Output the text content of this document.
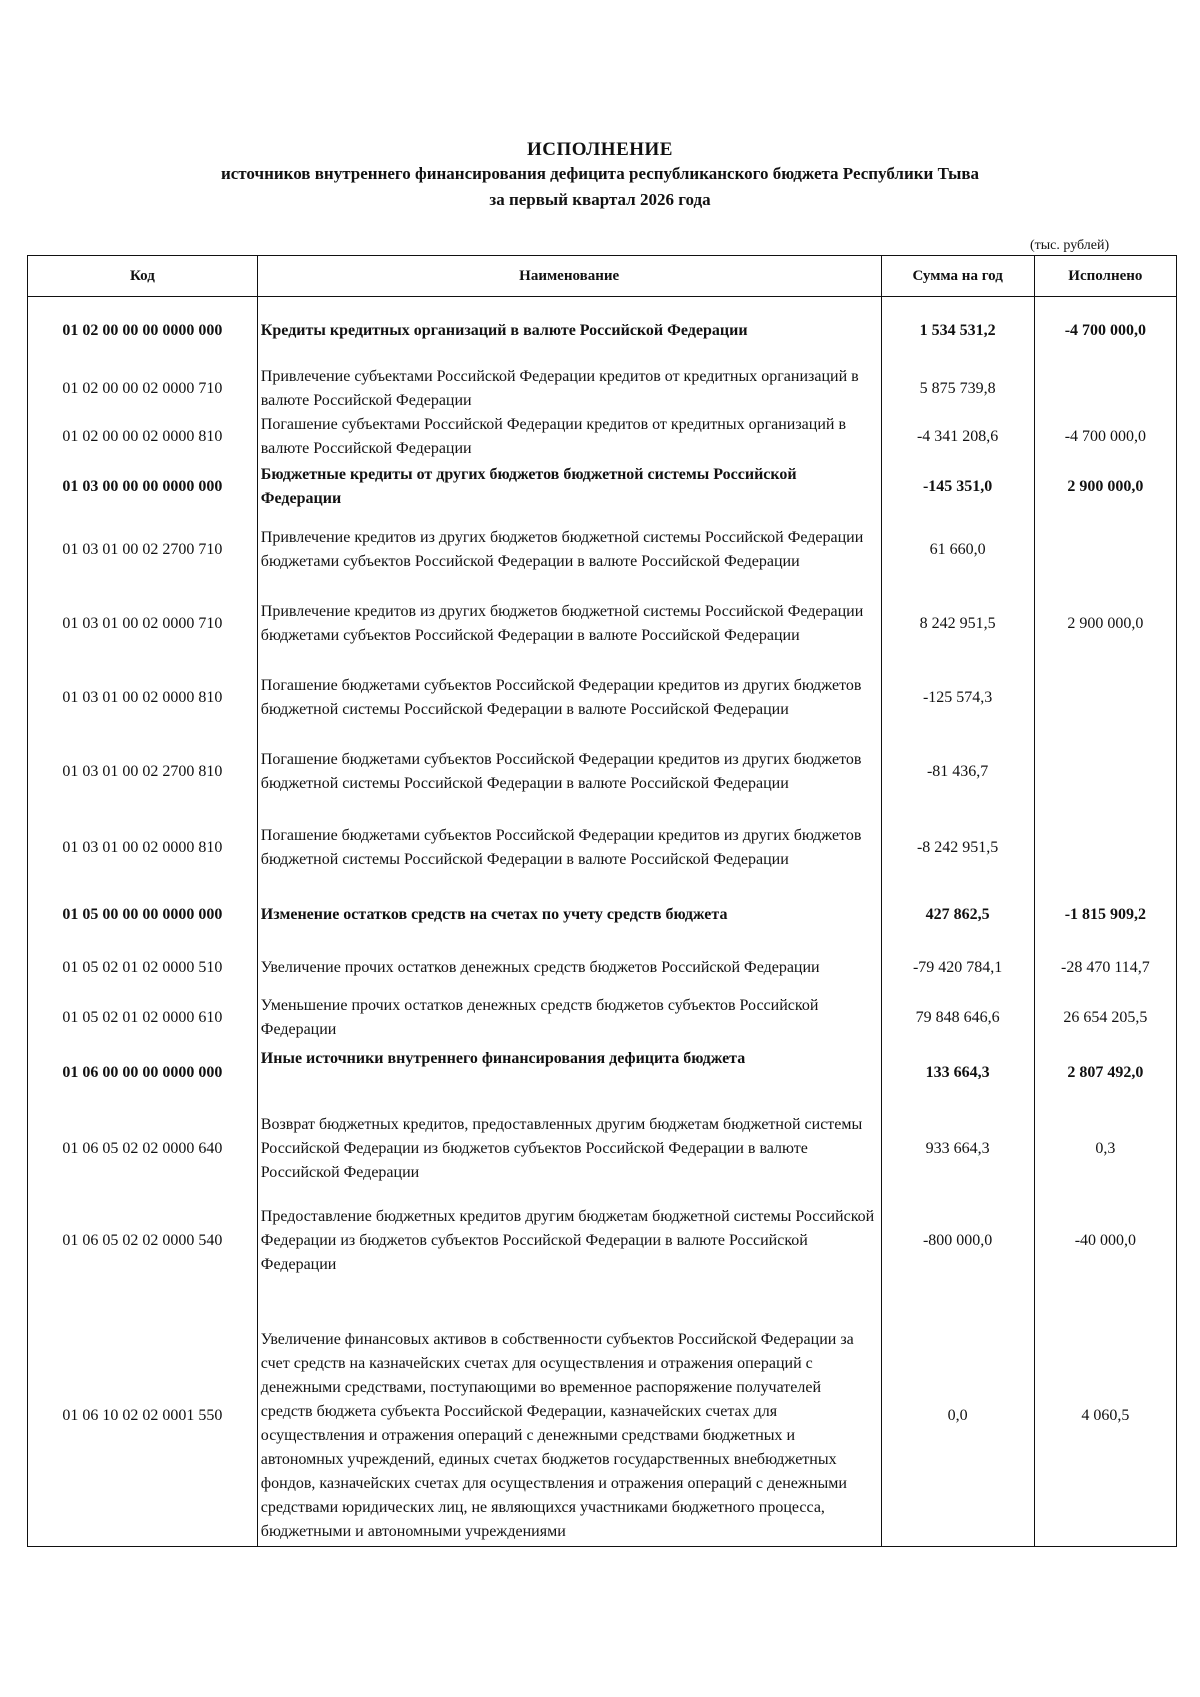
ИСПОЛНЕНИЕ
источников внутреннего финансирования дефицита республиканского бюджета Республики Тыва
за первый квартал 2026 года
(тыс. рублей)
Код	Наименование	Сумма на год	Исполнено
01 02 00 00 00 0000 000	Кредиты кредитных организаций в валюте Российской Федерации	1 534 531,2	-4 700 000,0
01 02 00 00 02 0000 710	Привлечение субъектами Российской Федерации кредитов от кредитных организаций в валюте Российской Федерации	5 875 739,8	
01 02 00 00 02 0000 810	Погашение субъектами Российской Федерации кредитов от кредитных организаций в валюте Российской Федерации	-4 341 208,6	-4 700 000,0
01 03 00 00 00 0000 000	Бюджетные кредиты от других бюджетов бюджетной системы Российской Федерации	-145 351,0	2 900 000,0
01 03 01 00 02 2700 710	Привлечение кредитов из других бюджетов бюджетной системы Российской Федерации бюджетами субъектов Российской Федерации в валюте Российской Федерации	61 660,0	
01 03 01 00 02 0000 710	Привлечение кредитов из других бюджетов бюджетной системы Российской Федерации бюджетами субъектов Российской Федерации в валюте Российской Федерации	8 242 951,5	2 900 000,0
01 03 01 00 02 0000 810	Погашение бюджетами субъектов Российской Федерации кредитов из других бюджетов бюджетной системы Российской Федерации в валюте Российской Федерации	-125 574,3	
01 03 01 00 02 2700 810	Погашение бюджетами субъектов Российской Федерации кредитов из других бюджетов бюджетной системы Российской Федерации в валюте Российской Федерации	-81 436,7	
01 03 01 00 02 0000 810	Погашение бюджетами субъектов Российской Федерации кредитов из других бюджетов бюджетной системы Российской Федерации в валюте Российской Федерации	-8 242 951,5	
01 05 00 00 00 0000 000	Изменение остатков средств на счетах по учету средств бюджета	427 862,5	-1 815 909,2
01 05 02 01 02 0000 510	Увеличение прочих остатков денежных средств бюджетов Российской Федерации	-79 420 784,1	-28 470 114,7
01 05 02 01 02 0000 610	Уменьшение прочих остатков денежных средств бюджетов субъектов Российской Федерации	79 848 646,6	26 654 205,5
01 06 00 00 00 0000 000	Иные источники внутреннего финансирования дефицита бюджета	133 664,3	2 807 492,0
01 06 05 02 02 0000 640	Возврат бюджетных кредитов, предоставленных другим бюджетам бюджетной системы Российской Федерации из бюджетов субъектов Российской Федерации в валюте Российской Федерации	933 664,3	0,3
01 06 05 02 02 0000 540	Предоставление бюджетных кредитов другим бюджетам бюджетной системы Российской Федерации из бюджетов субъектов Российской Федерации в валюте Российской Федерации	-800 000,0	-40 000,0
01 06 10 02 02 0001 550	Увеличение финансовых активов в собственности субъектов Российской Федерации за счет средств на казначейских счетах для осуществления и отражения операций с денежными средствами, поступающими во временное распоряжение получателей средств бюджета субъекта Российской Федерации, казначейских счетах для осуществления и отражения операций с денежными средствами бюджетных и автономных учреждений, единых счетах бюджетов государственных внебюджетных фондов, казначейских счетах для осуществления и отражения операций с денежными средствами юридических лиц, не являющихся участниками бюджетного процесса, бюджетными и автономными учреждениями	0,0	4 060,5
